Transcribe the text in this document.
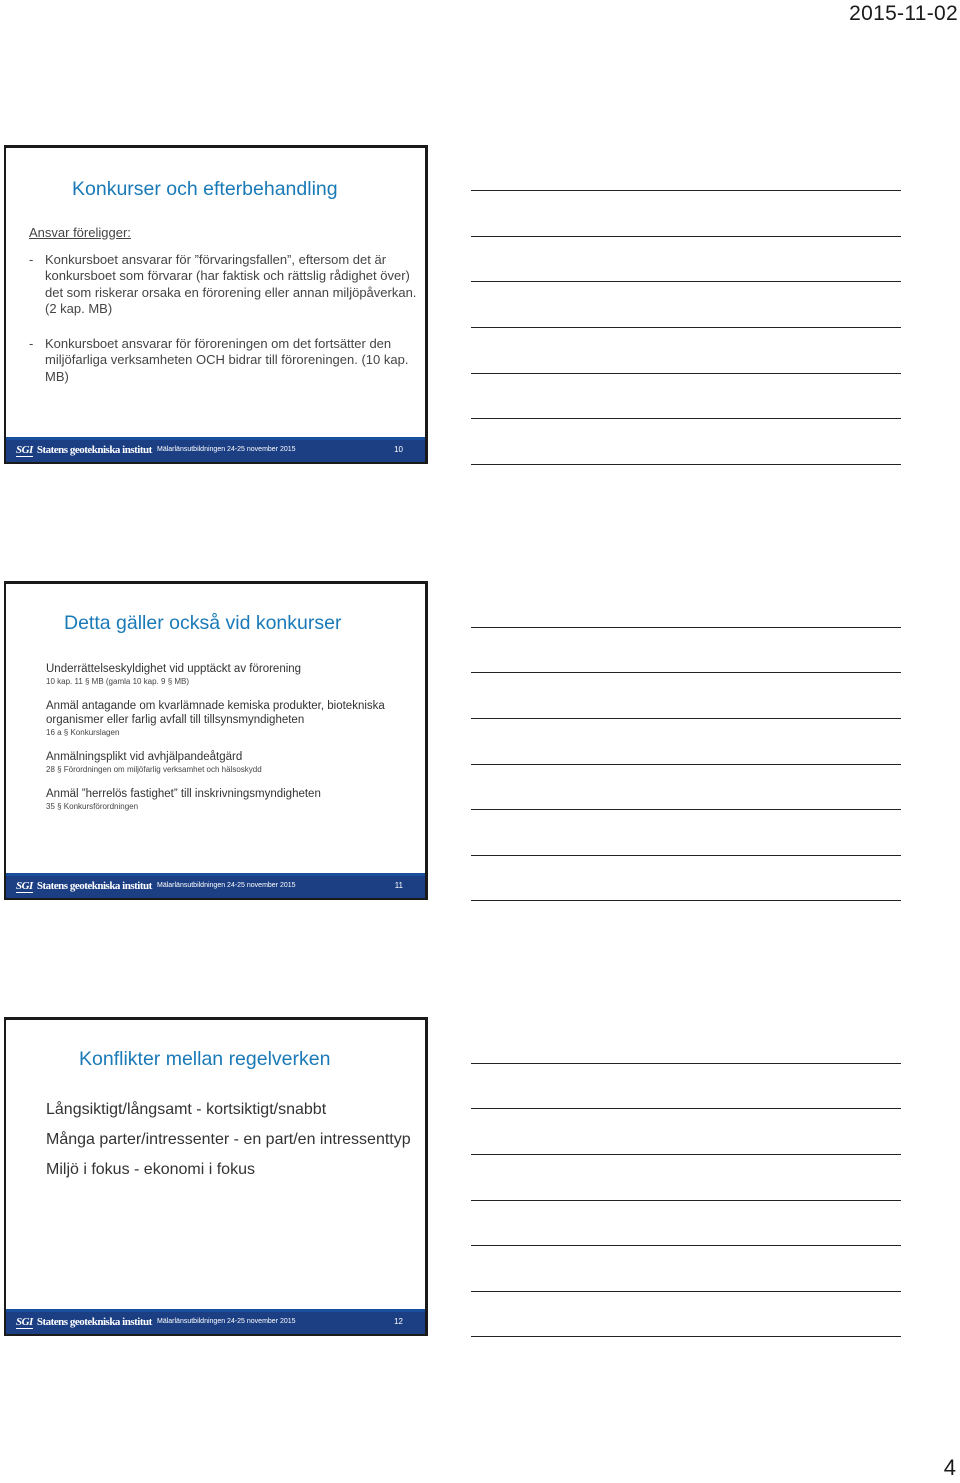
2015-11-02
Konkurser och efterbehandling
Ansvar föreligger:
- Konkursboet ansvarar för ”förvaringsfallen”, eftersom det är konkursboet som förvarar (har faktisk och rättslig rådighet över) det som riskerar orsaka en förorening eller annan miljöpåverkan. (2 kap. MB)
- Konkursboet ansvarar för föroreningen om det fortsätter den miljöfarliga verksamheten OCH bidrar till föroreningen. (10 kap. MB)
SGI Statens geotekniska institut Mälarlänsutbildningen 24-25 november 2015	10
Detta gäller också vid konkurser
Underrättelseskyldighet vid upptäckt av förorening
10 kap. 11 § MB (gamla 10 kap. 9 § MB)
Anmäl antagande om kvarlämnade kemiska produkter, biotekniska organismer eller farlig avfall till tillsynsmyndigheten
16 a § Konkurslagen
Anmälningsplikt vid avhjälpandeåtgärd
28 § Förordningen om miljöfarlig verksamhet och hälsoskydd
Anmäl ”herrelös fastighet” till inskrivningsmyndigheten
35 § Konkursförordningen
SGI Statens geotekniska institut Mälarlänsutbildningen 24-25 november 2015	11
Konflikter mellan regelverken
Långsiktigt/långsamt - kortsiktigt/snabbt
Många parter/intressenter - en part/en intressenttyp
Miljö i fokus - ekonomi i fokus
SGI Statens geotekniska institut Mälarlänsutbildningen 24-25 november 2015	12
4
